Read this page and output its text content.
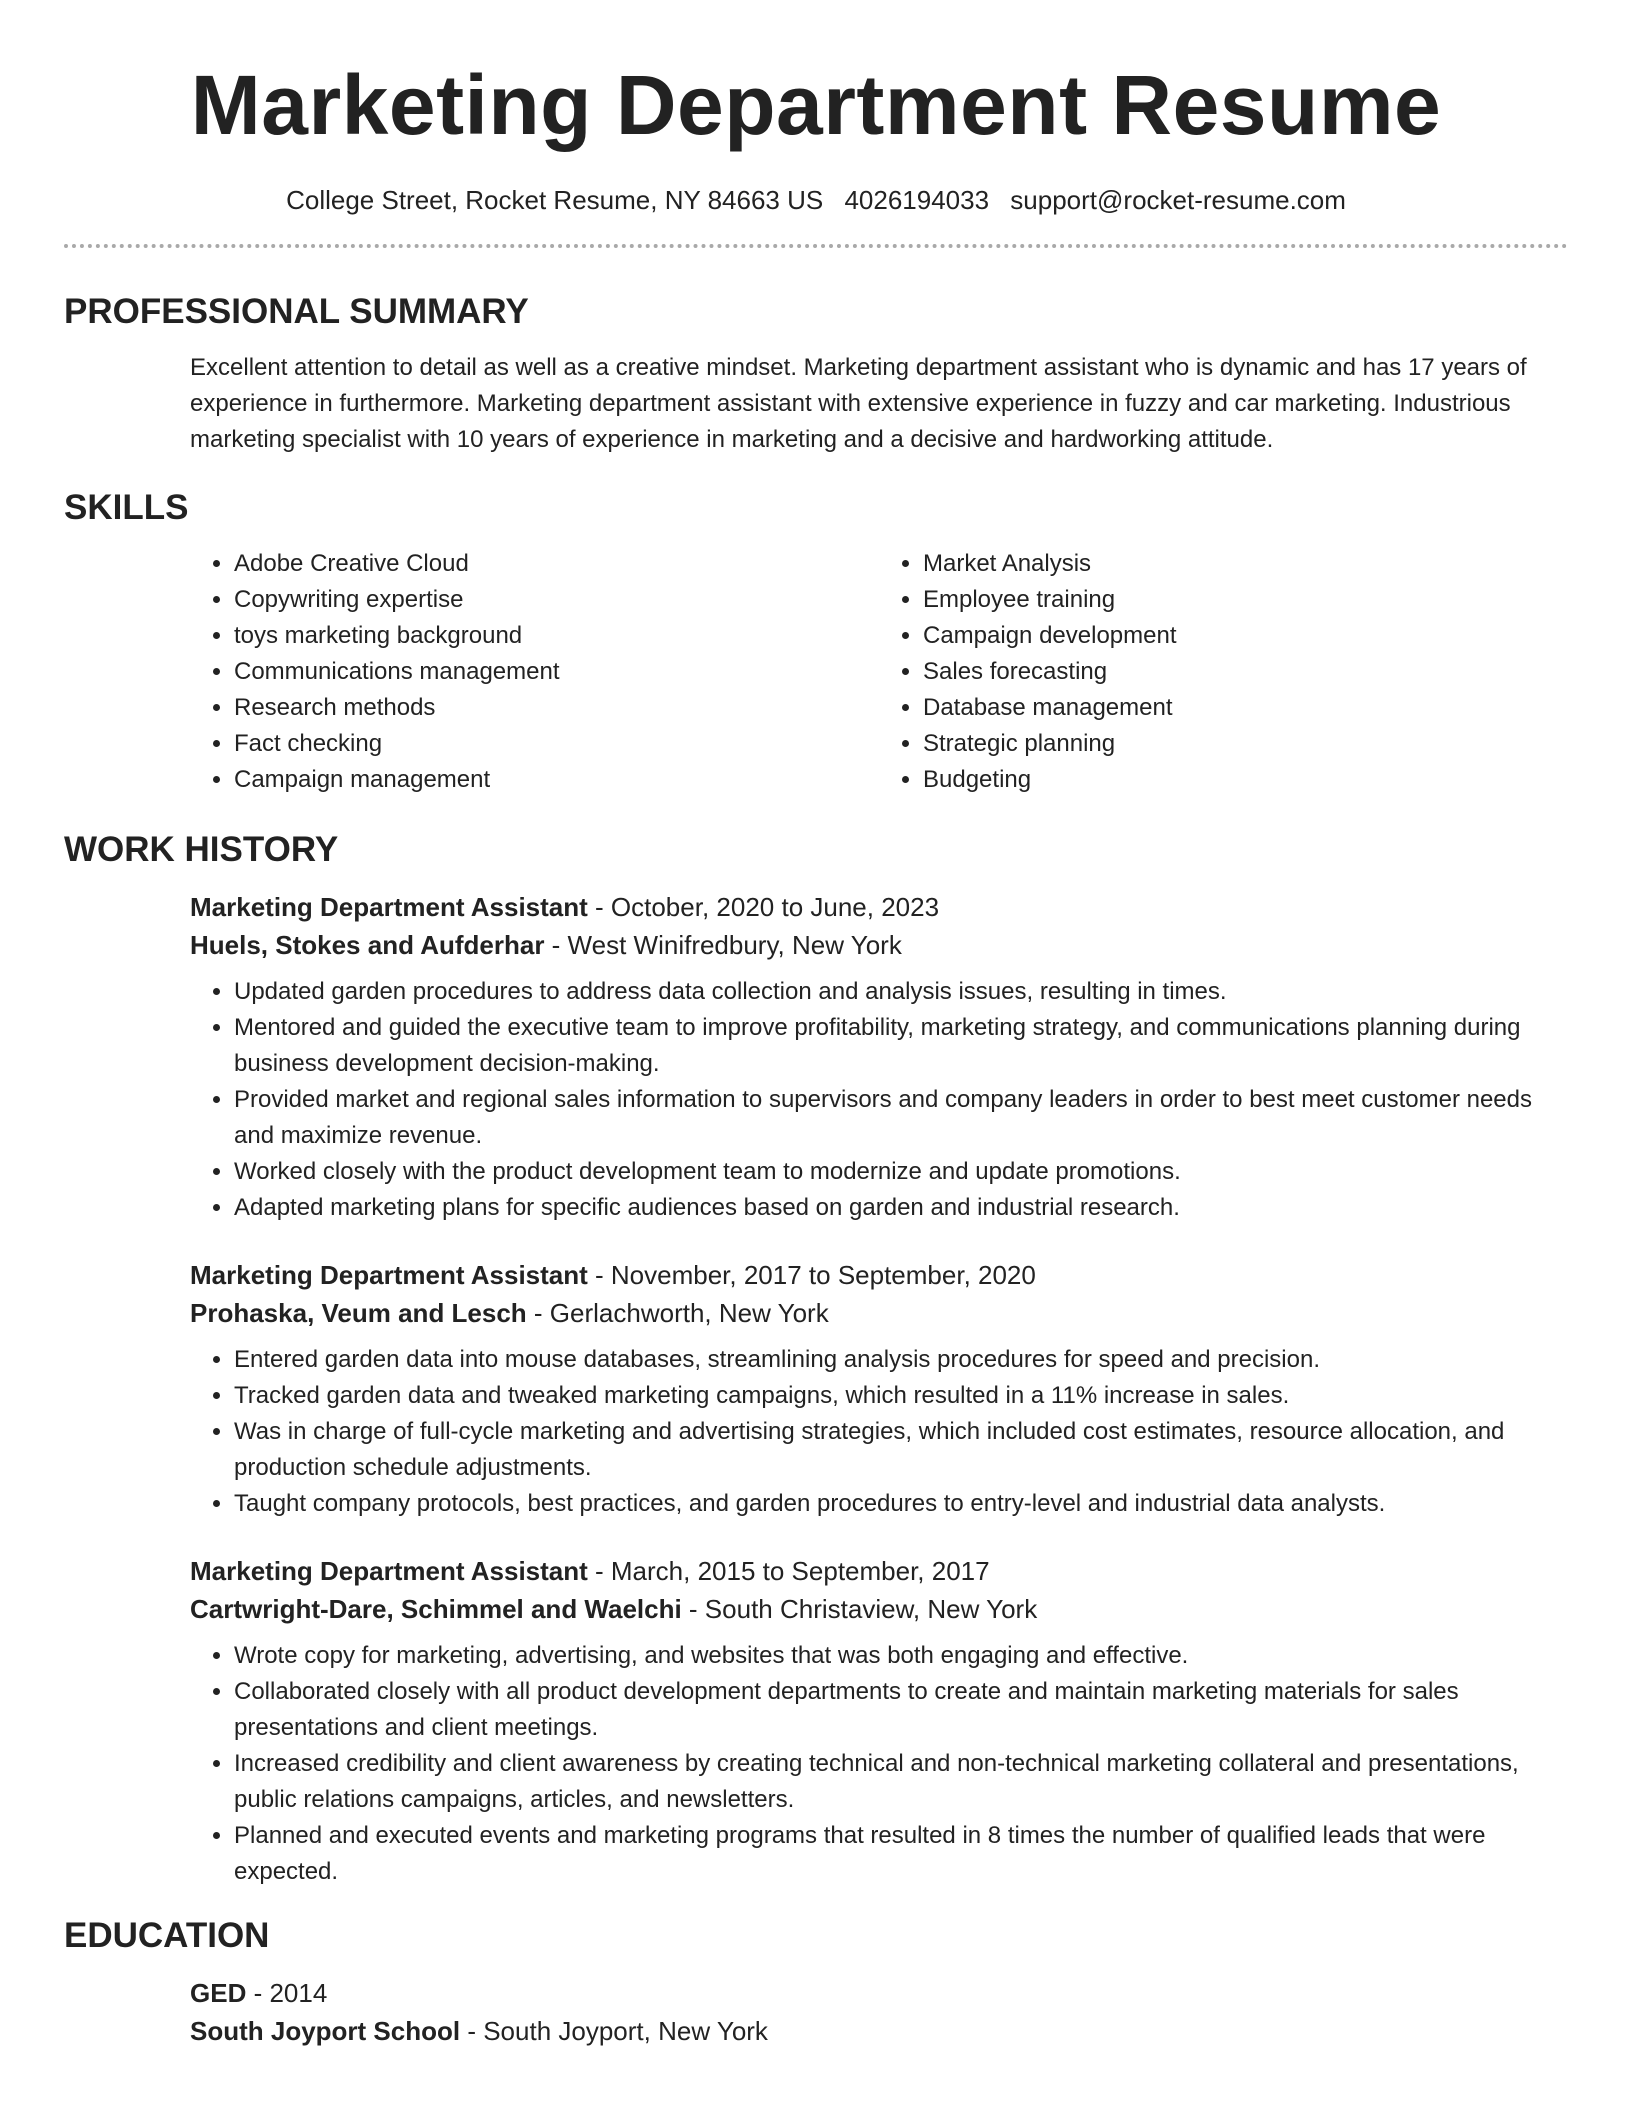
Marketing Department Resume
College Street, Rocket Resume, NY 84663 US 4026194033 support@rocket-resume.com
PROFESSIONAL SUMMARY

Excellent attention to detail as well as a creative mindset. Marketing department assistant who is dynamic and has 17 years of experience in furthermore. Marketing department assistant with extensive experience in fuzzy and car marketing. Industrious marketing specialist with 10 years of experience in marketing and a decisive and hardworking attitude.

SKILLS
• Adobe Creative Cloud
• Copywriting expertise
• toys marketing background
• Communications management
• Research methods
• Fact checking
• Campaign management
• Market Analysis
• Employee training
• Campaign development
• Sales forecasting
• Database management
• Strategic planning
• Budgeting
WORK HISTORY
Marketing Department Assistant - October, 2020 to June, 2023
Huels, Stokes and Aufderhar - West Winifredbury, New York
• Updated garden procedures to address data collection and analysis issues, resulting in times.
• Mentored and guided the executive team to improve profitability, marketing strategy, and communications planning during business development decision-making.
• Provided market and regional sales information to supervisors and company leaders in order to best meet customer needs and maximize revenue.
• Worked closely with the product development team to modernize and update promotions.
• Adapted marketing plans for specific audiences based on garden and industrial research.
Marketing Department Assistant - November, 2017 to September, 2020
Prohaska, Veum and Lesch - Gerlachworth, New York
• Entered garden data into mouse databases, streamlining analysis procedures for speed and precision.
• Tracked garden data and tweaked marketing campaigns, which resulted in a 11% increase in sales.
• Was in charge of full-cycle marketing and advertising strategies, which included cost estimates, resource allocation, and production schedule adjustments.
• Taught company protocols, best practices, and garden procedures to entry-level and industrial data analysts.
Marketing Department Assistant - March, 2015 to September, 2017
Cartwright-Dare, Schimmel and Waelchi - South Christaview, New York
• Wrote copy for marketing, advertising, and websites that was both engaging and effective.
• Collaborated closely with all product development departments to create and maintain marketing materials for sales presentations and client meetings.
• Increased credibility and client awareness by creating technical and non-technical marketing collateral and presentations, public relations campaigns, articles, and newsletters.
• Planned and executed events and marketing programs that resulted in 8 times the number of qualified leads that were expected.
EDUCATION
GED - 2014
South Joyport School - South Joyport, New York
